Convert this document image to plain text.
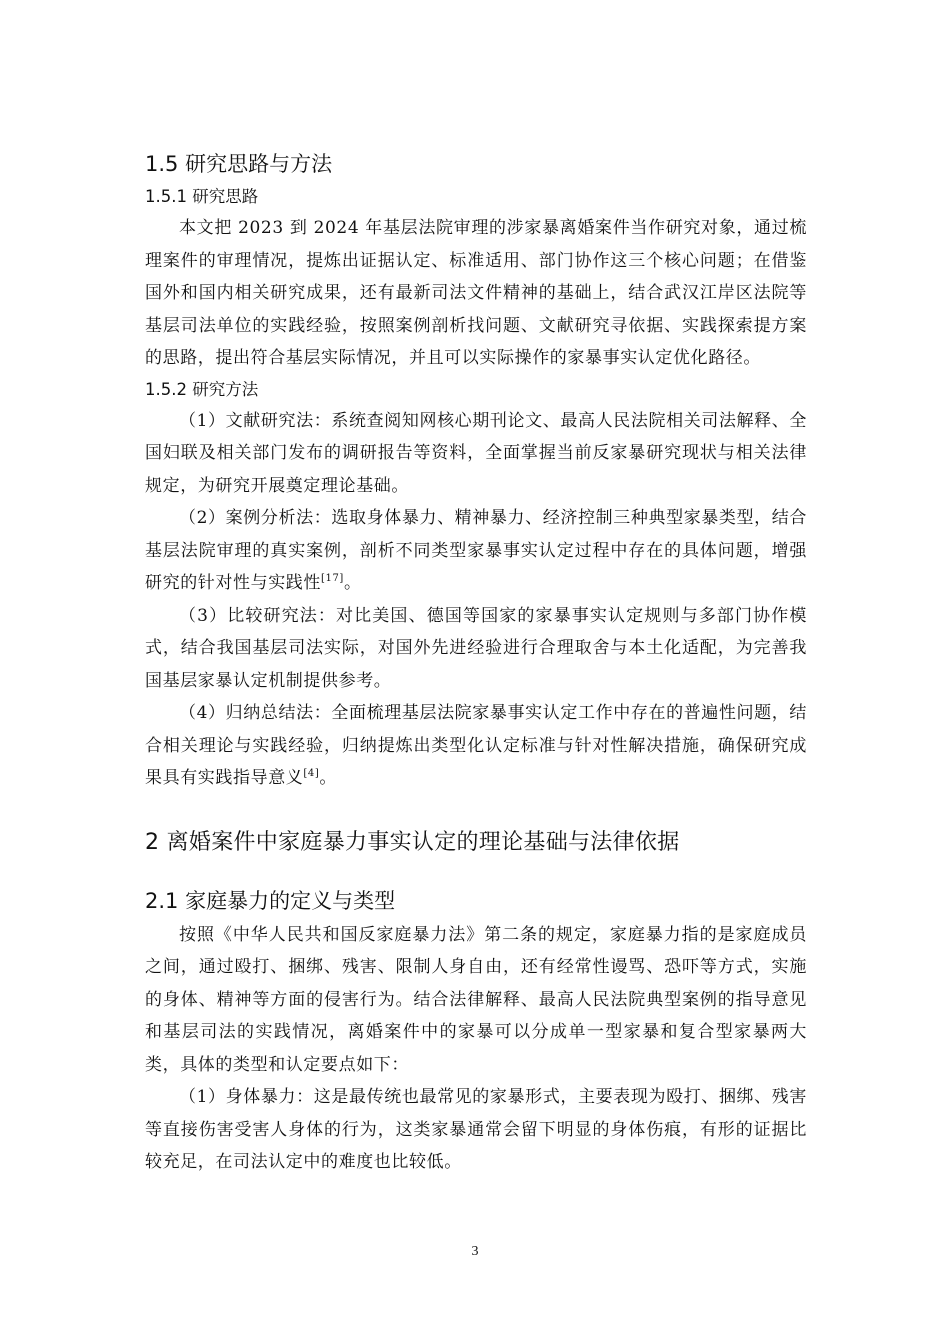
1.5 研究思路与方法
1.5.1 研究思路

本文把 2023 到 2024 年基层法院审理的涉家暴离婚案件当作研究对象，通过梳理案件的审理情况，提炼出证据认定、标准适用、部门协作这三个核心问题；在借鉴国外和国内相关研究成果，还有最新司法文件精神的基础上，结合武汉江岸区法院等基层司法单位的实践经验，按照案例剖析找问题、文献研究寻依据、实践探索提方案的思路，提出符合基层实际情况，并且可以实际操作的家暴事实认定优化路径。

1.5.2 研究方法

（1）文献研究法：系统查阅知网核心期刊论文、最高人民法院相关司法解释、全国妇联及相关部门发布的调研报告等资料，全面掌握当前反家暴研究现状与相关法律规定，为研究开展奠定理论基础。

（2）案例分析法：选取身体暴力、精神暴力、经济控制三种典型家暴类型，结合基层法院审理的真实案例，剖析不同类型家暴事实认定过程中存在的具体问题，增强研究的针对性与实践性[17]。

（3）比较研究法：对比美国、德国等国家的家暴事实认定规则与多部门协作模式，结合我国基层司法实际，对国外先进经验进行合理取舍与本土化适配，为完善我国基层家暴认定机制提供参考。

（4）归纳总结法：全面梳理基层法院家暴事实认定工作中存在的普遍性问题，结合相关理论与实践经验，归纳提炼出类型化认定标准与针对性解决措施，确保研究成果具有实践指导意义[4]。

2 离婚案件中家庭暴力事实认定的理论基础与法律依据
2.1 家庭暴力的定义与类型

按照《中华人民共和国反家庭暴力法》第二条的规定，家庭暴力指的是家庭成员之间，通过殴打、捆绑、残害、限制人身自由，还有经常性谩骂、恐吓等方式，实施的身体、精神等方面的侵害行为。结合法律解释、最高人民法院典型案例的指导意见和基层司法的实践情况，离婚案件中的家暴可以分成单一型家暴和复合型家暴两大类，具体的类型和认定要点如下：

（1）身体暴力：这是最传统也最常见的家暴形式，主要表现为殴打、捆绑、残害等直接伤害受害人身体的行为，这类家暴通常会留下明显的身体伤痕，有形的证据比较充足，在司法认定中的难度也比较低。

3
